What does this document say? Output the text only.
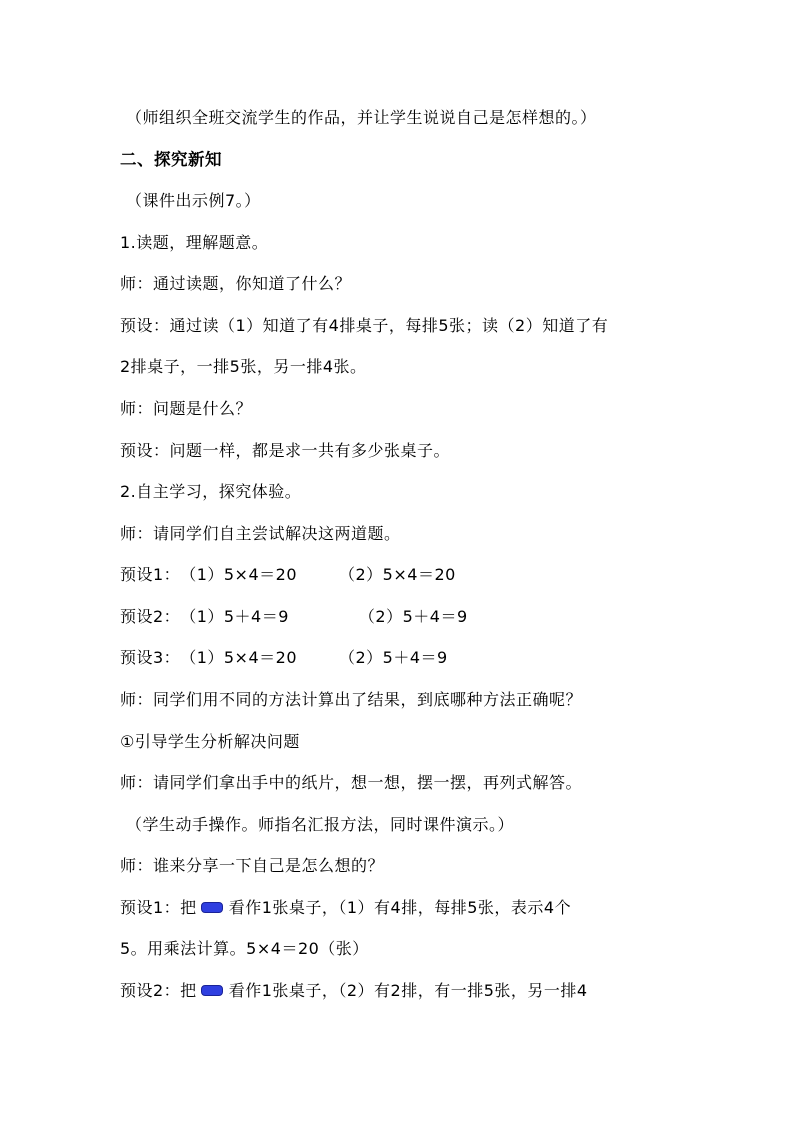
（师组织全班交流学生的作品，并让学生说说自己是怎样想的。）
二、探究新知
（课件出示例7。）
1.读题，理解题意。
师：通过读题，你知道了什么？
预设：通过读（1）知道了有4排桌子，每排5张；读（2）知道了有
2排桌子，一排5张，另一排4张。
师：问题是什么？
预设：问题一样，都是求一共有多少张桌子。
2.自主学习，探究体验。
师：请同学们自主尝试解决这两道题。
预设1：（1）5×4＝20	（2）5×4＝20
预设2：（1）5＋4＝9	（2）5＋4＝9
预设3：（1）5×4＝20	（2）5＋4＝9
师：同学们用不同的方法计算出了结果，到底哪种方法正确呢？
①引导学生分析解决问题
师：请同学们拿出手中的纸片，想一想，摆一摆，再列式解答。
（学生动手操作。师指名汇报方法，同时课件演示。）
师：谁来分享一下自己是怎么想的？
预设1：把 看作1张桌子，（1）有4排，每排5张，表示4个
5。用乘法计算。5×4＝20（张）
预设2：把 看作1张桌子，（2）有2排，有一排5张，另一排4
